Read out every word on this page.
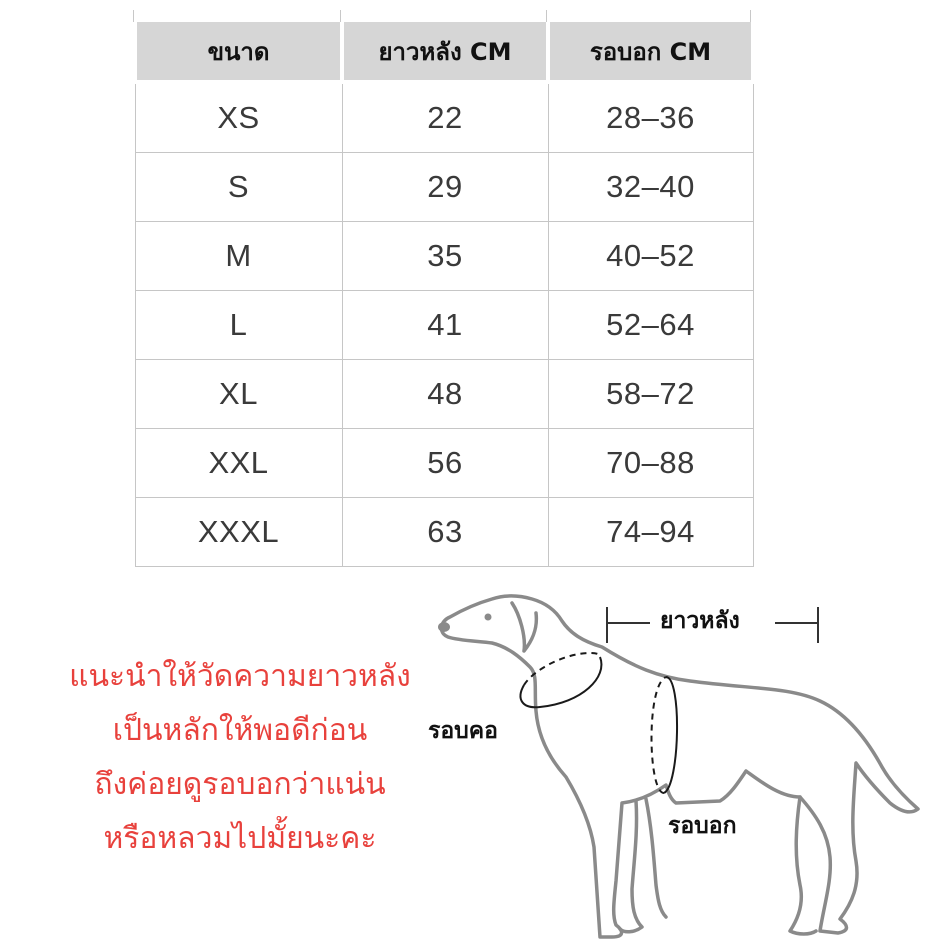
ขนาด	ยาวหลัง CM	รอบอก CM
XS	22	28–36
S	29	32–40
M	35	40–52
L	41	52–64
XL	48	58–72
XXL	56	70–88
XXXL	63	74–94
แนะนำให้วัดความยาวหลัง
เป็นหลักให้พอดีก่อน
ถึงค่อยดูรอบอกว่าแน่น
หรือหลวมไปมั้ยนะคะ
ยาวหลัง
รอบคอ
รอบอก
